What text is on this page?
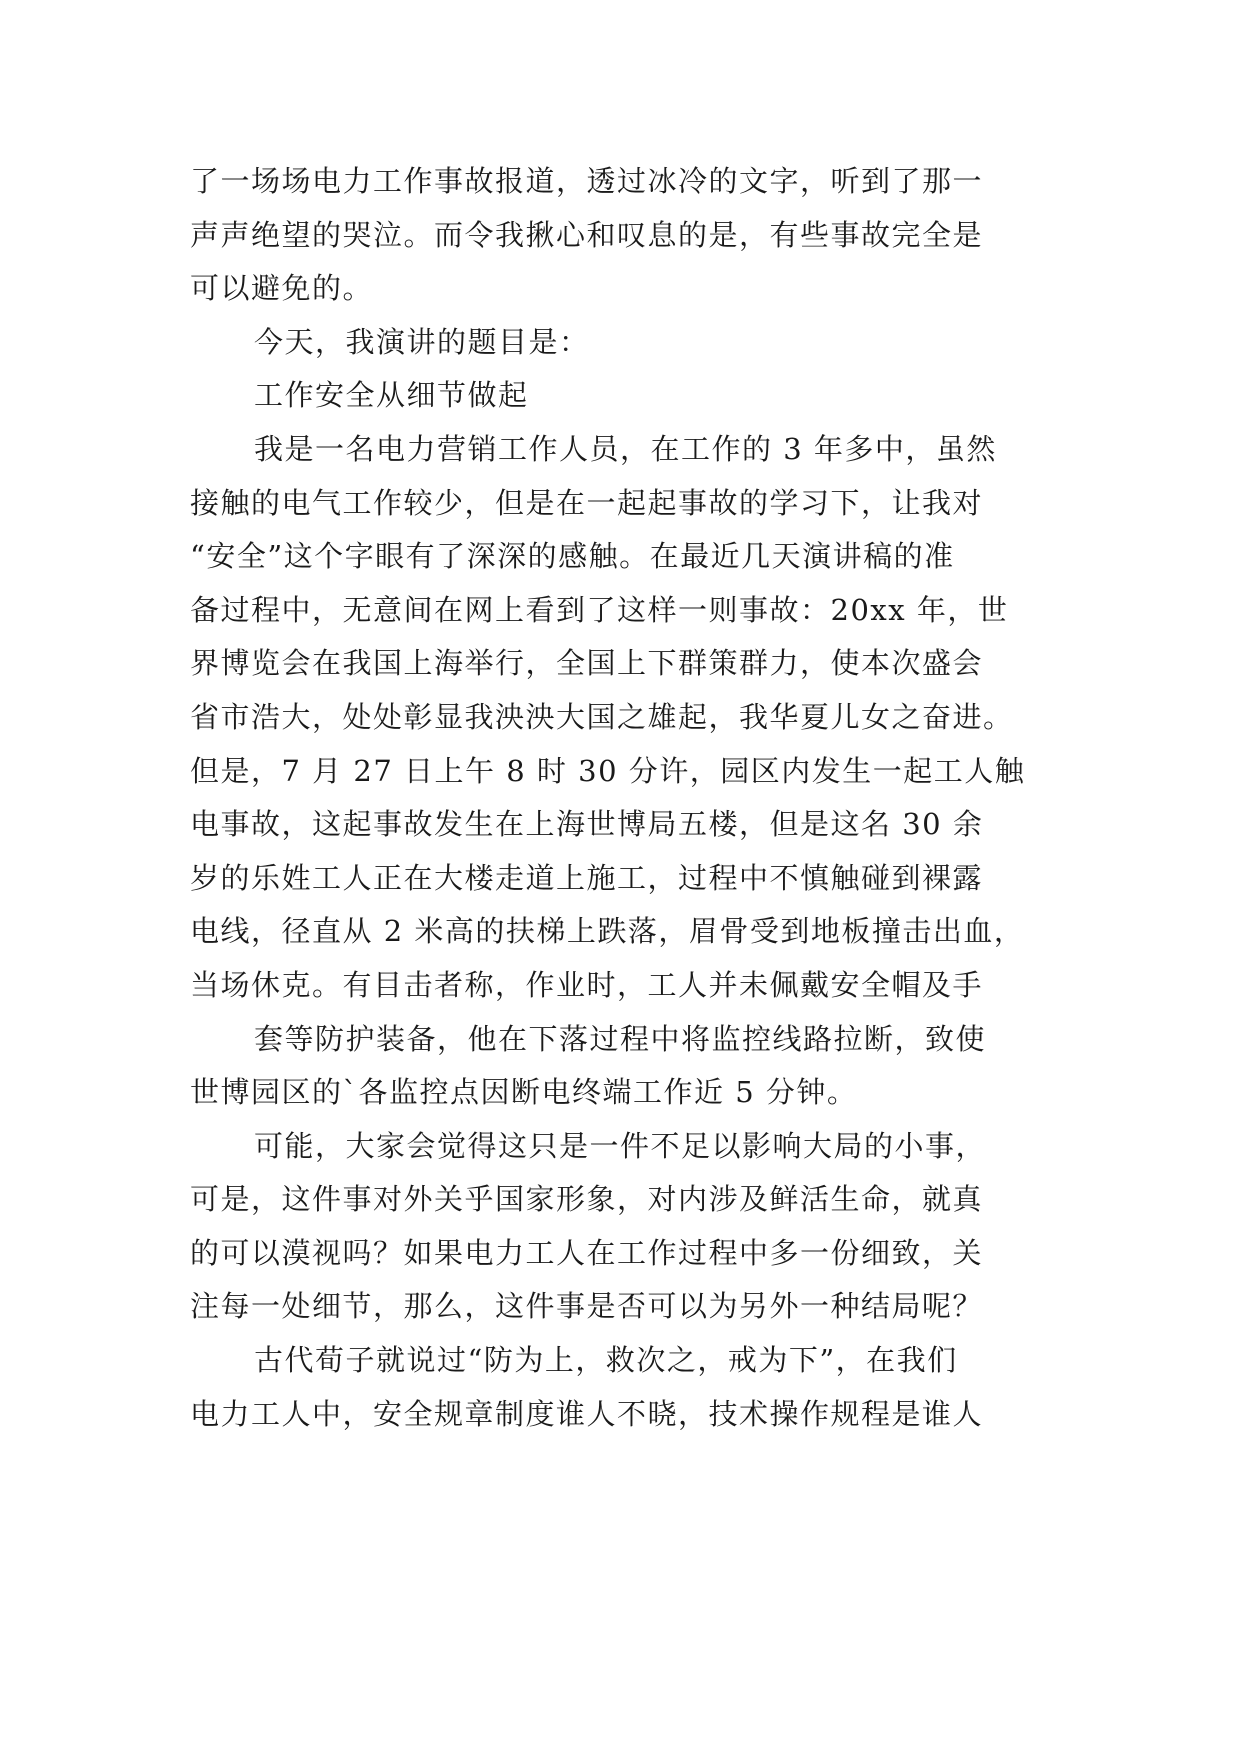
了一场场电力工作事故报道，透过冰冷的文字，听到了那一
声声绝望的哭泣。而令我揪心和叹息的是，有些事故完全是
可以避免的。
今天，我演讲的题目是：
工作安全从细节做起
我是一名电力营销工作人员，在工作的 3 年多中，虽然
接触的电气工作较少，但是在一起起事故的学习下，让我对
“安全”这个字眼有了深深的感触。在最近几天演讲稿的准
备过程中，无意间在网上看到了这样一则事故：20xx 年，世
界博览会在我国上海举行，全国上下群策群力，使本次盛会
省市浩大，处处彰显我泱泱大国之雄起，我华夏儿女之奋进。
但是，7 月 27 日上午 8 时 30 分许，园区内发生一起工人触
电事故，这起事故发生在上海世博局五楼，但是这名 30 余
岁的乐姓工人正在大楼走道上施工，过程中不慎触碰到裸露
电线，径直从 2 米高的扶梯上跌落，眉骨受到地板撞击出血，
当场休克。有目击者称，作业时，工人并未佩戴安全帽及手
套等防护装备，他在下落过程中将监控线路拉断，致使
世博园区的`各监控点因断电终端工作近 5 分钟。
可能，大家会觉得这只是一件不足以影响大局的小事，
可是，这件事对外关乎国家形象，对内涉及鲜活生命，就真
的可以漠视吗？如果电力工人在工作过程中多一份细致，关
注每一处细节，那么，这件事是否可以为另外一种结局呢？
古代荀子就说过“防为上，救次之，戒为下”，在我们
电力工人中，安全规章制度谁人不晓，技术操作规程是谁人
